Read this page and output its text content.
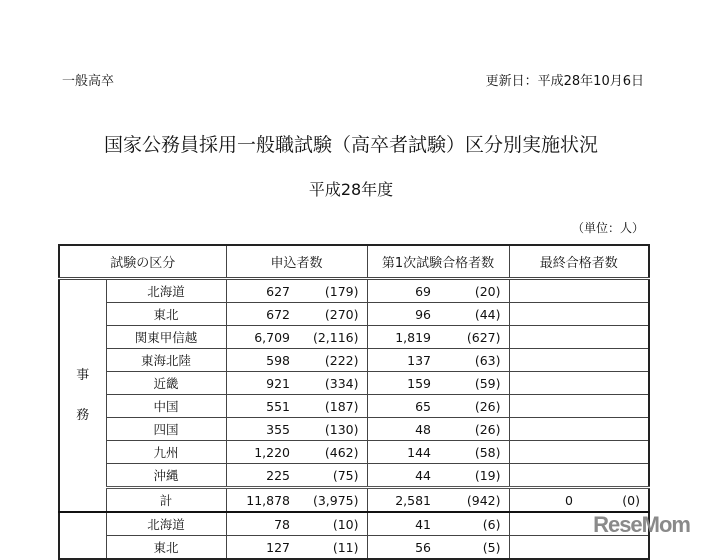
一般高卒	更新日：平成28年10月6日
国家公務員採用一般職試験（高卒者試験）区分別実施状況
平成28年度
（単位：人）
試験の区分		申込者数		第1次試験合格者数		最終合格者数	
事
務	北海道	627	(179)	69	(20)		
	東北	672	(270)	96	(44)		
	関東甲信越	6,709	(2,116)	1,819	(627)		
	東海北陸	598	(222)	137	(63)		
	近畿	921	(334)	159	(59)		
	中国	551	(187)	65	(26)		
	四国	355	(130)	48	(26)		
	九州	1,220	(462)	144	(58)		
	沖縄	225	(75)	44	(19)		
	計	11,878	(3,975)	2,581	(942)	0	(0)
	北海道	78	(10)	41	(6)		
	東北	127	(11)	56	(5)		
ReseMom
